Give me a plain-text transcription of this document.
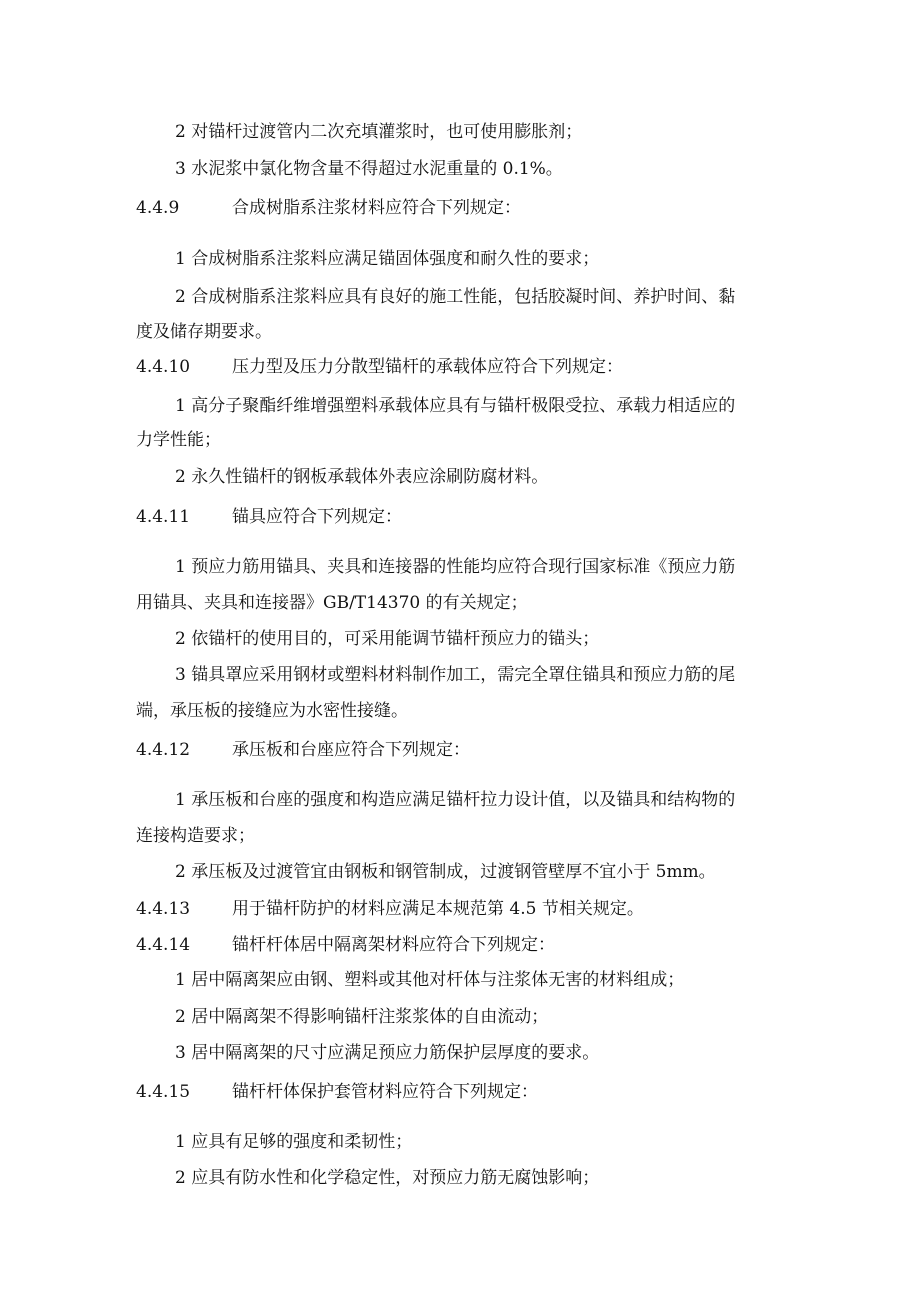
2 对锚杆过渡管内二次充填灌浆时，也可使用膨胀剂；
3 水泥浆中氯化物含量不得超过水泥重量的 0.1%。
4.4.9	合成树脂系注浆材料应符合下列规定：
1 合成树脂系注浆料应满足锚固体强度和耐久性的要求；
2 合成树脂系注浆料应具有良好的施工性能，包括胶凝时间、养护时间、黏
度及储存期要求。
4.4.10 压力型及压力分散型锚杆的承载体应符合下列规定：
1 高分子聚酯纤维增强塑料承载体应具有与锚杆极限受拉、承载力相适应的
力学性能；
2 永久性锚杆的钢板承载体外表应涂刷防腐材料。
4.4.11 锚具应符合下列规定：
1 预应力筋用锚具、夹具和连接器的性能均应符合现行国家标准《预应力筋
用锚具、夹具和连接器》GB/T14370 的有关规定；
2 依锚杆的使用目的，可采用能调节锚杆预应力的锚头；
3 锚具罩应采用钢材或塑料材料制作加工，需完全罩住锚具和预应力筋的尾
端，承压板的接缝应为水密性接缝。
4.4.12 承压板和台座应符合下列规定：
1 承压板和台座的强度和构造应满足锚杆拉力设计值，以及锚具和结构物的
连接构造要求；
2 承压板及过渡管宜由钢板和钢管制成，过渡钢管壁厚不宜小于 5mm。
4.4.13 用于锚杆防护的材料应满足本规范第 4.5 节相关规定。
4.4.14 锚杆杆体居中隔离架材料应符合下列规定：
1 居中隔离架应由钢、塑料或其他对杆体与注浆体无害的材料组成；
2 居中隔离架不得影响锚杆注浆浆体的自由流动；
3 居中隔离架的尺寸应满足预应力筋保护层厚度的要求。
4.4.15 锚杆杆体保护套管材料应符合下列规定：
1 应具有足够的强度和柔韧性；
2 应具有防水性和化学稳定性，对预应力筋无腐蚀影响；
